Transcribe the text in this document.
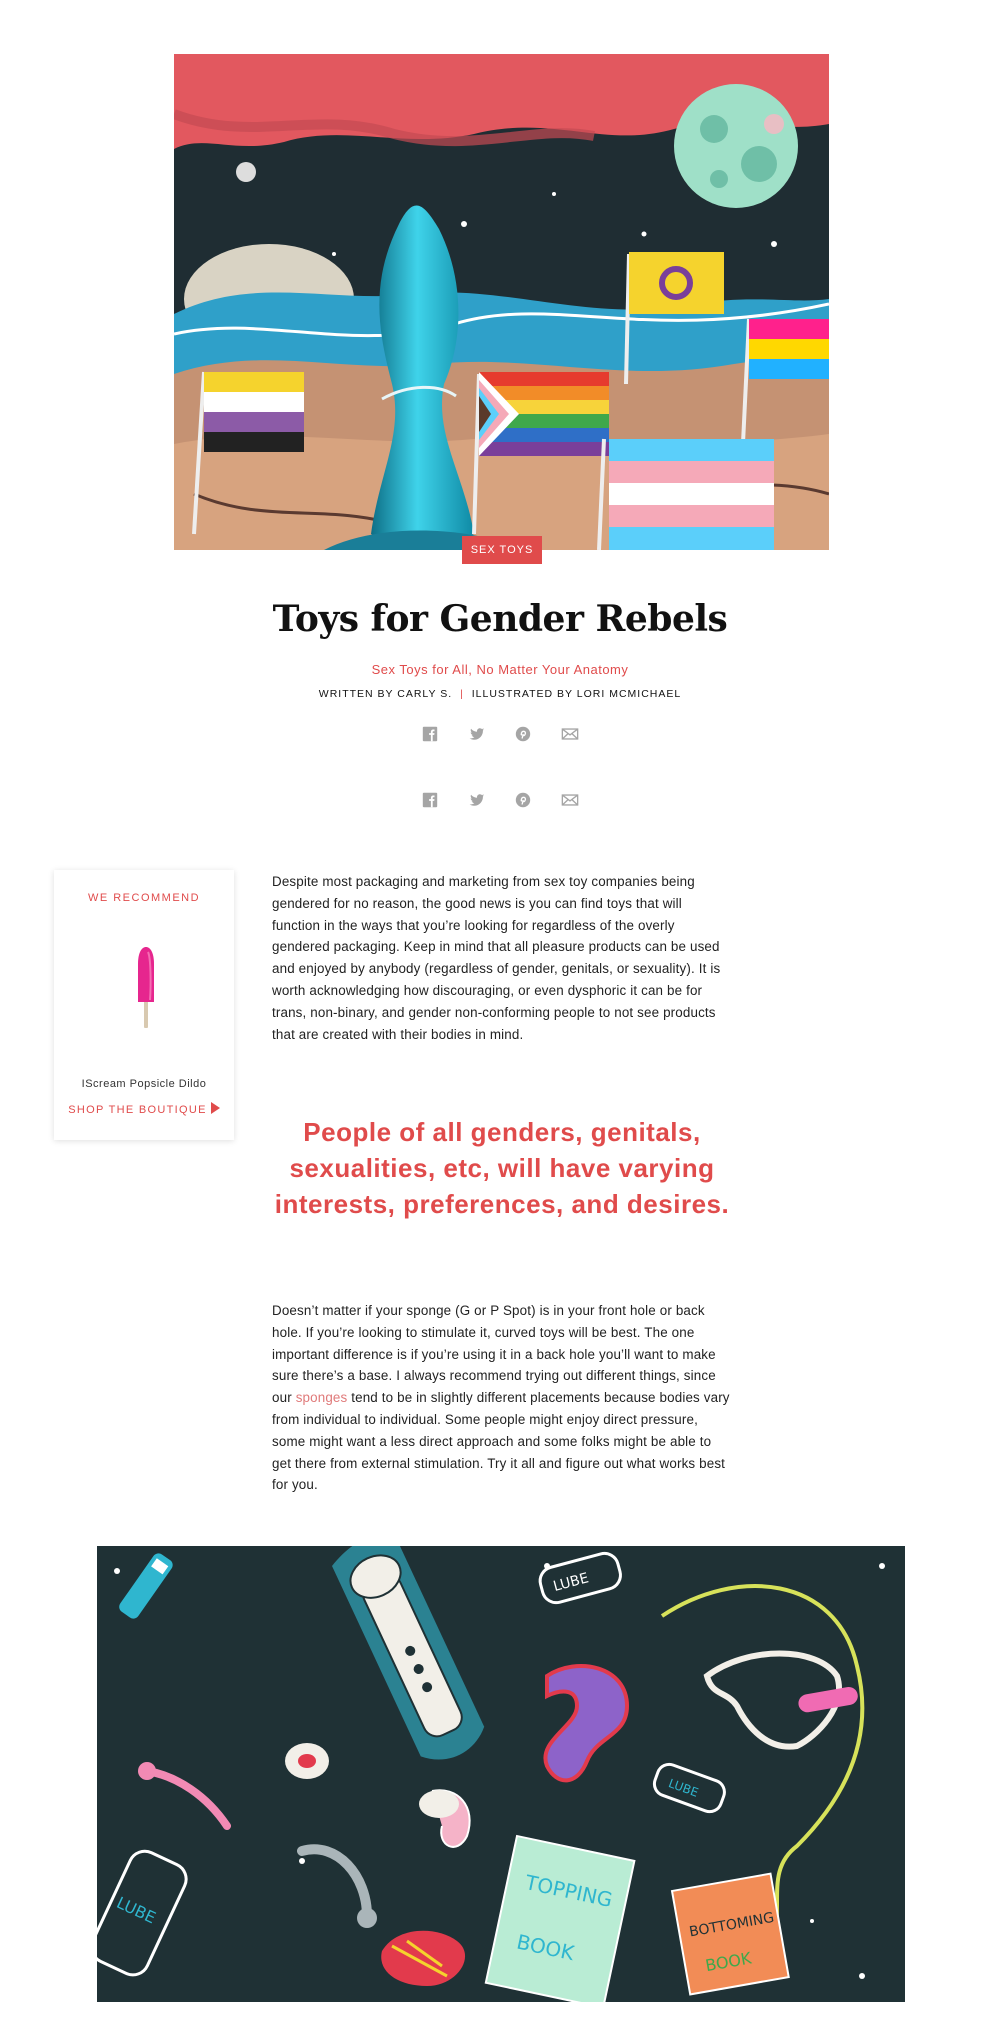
SEX TOYS
Toys for Gender Rebels
Sex Toys for All, No Matter Your Anatomy
WRITTEN BY CARLY S. | ILLUSTRATED BY LORI MCMICHAEL
WE RECOMMEND
IScream Popsicle Dildo
SHOP THE BOUTIQUE

Despite most packaging and marketing from sex toy companies being gendered for no reason, the good news is you can find toys that will function in the ways that you’re looking for regardless of the overly gendered packaging. Keep in mind that all pleasure products can be used and enjoyed by anybody (regardless of gender, genitals, or sexuality). It is worth acknowledging how discouraging, or even dysphoric it can be for trans, non-binary, and gender non-conforming people to not see products that are created with their bodies in mind.

People of all genders, genitals, sexualities, etc, will have varying interests, preferences, and desires.

Doesn’t matter if your sponge (G or P Spot) is in your front hole or back hole. If you’re looking to stimulate it, curved toys will be best. The one important difference is if you’re using it in a back hole you’ll want to make sure there’s a base. I always recommend trying out different things, since our sponges tend to be in slightly different placements because bodies vary from individual to individual. Some people might enjoy direct pressure, some might want a less direct approach and some folks might be able to get there from external stimulation. Try it all and figure out what works best for you.

LUBE
LUBE
LUBE	TOPPING
BOOK
BOTTOMING
BOOK
